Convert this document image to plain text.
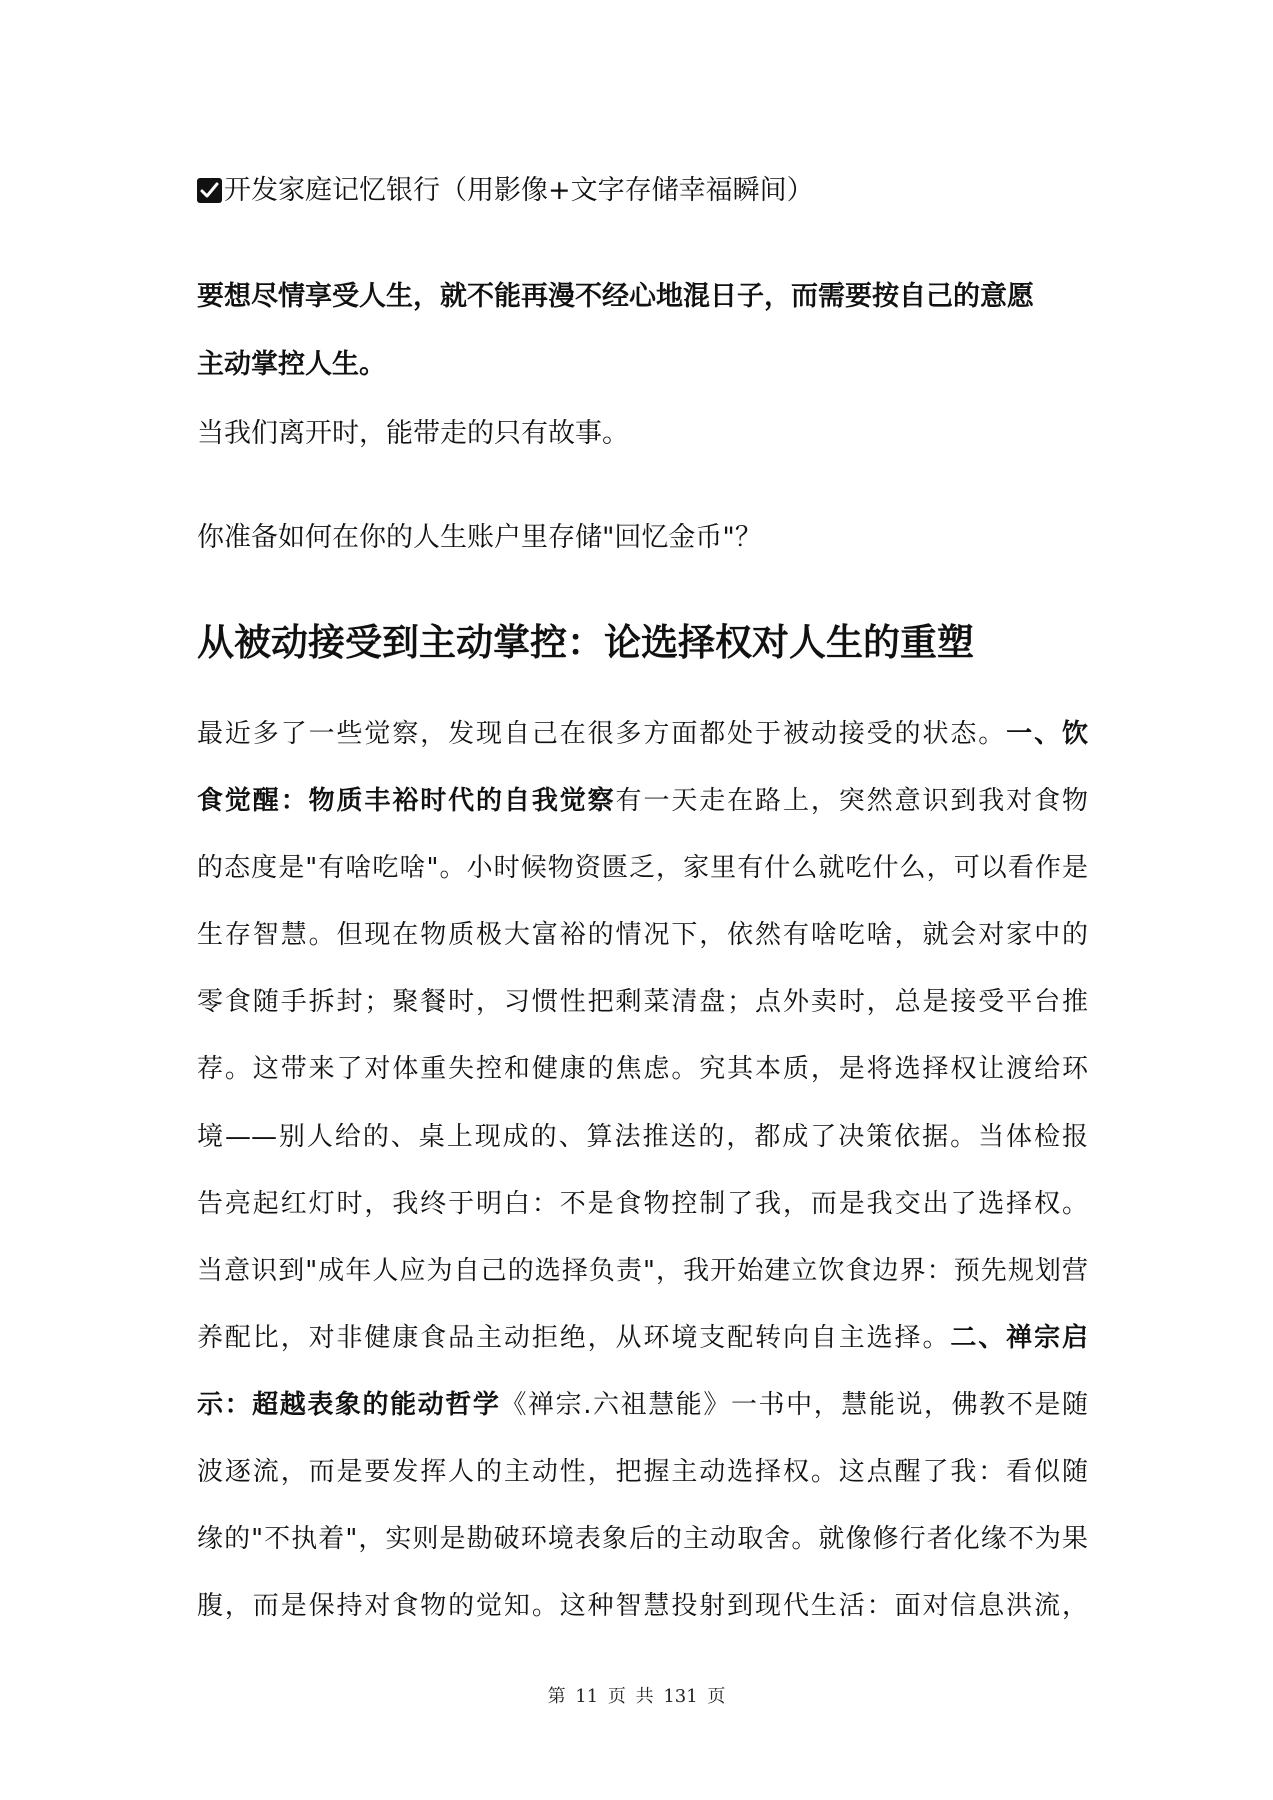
开发家庭记忆银行（用影像+文字存储幸福瞬间）
要想尽情享受人生，就不能再漫不经心地混日子，而需要按自己的意愿
主动掌控人生。

当我们离开时，能带走的只有故事。

你准备如何在你的人生账户里存储"回忆金币"？

从被动接受到主动掌控：论选择权对人生的重塑
最近多了一些觉察，发现自己在很多方面都处于被动接受的状态。一、饮
食觉醒：物质丰裕时代的自我觉察有一天走在路上，突然意识到我对食物
的态度是"有啥吃啥"。小时候物资匮乏，家里有什么就吃什么，可以看作是
生存智慧。但现在物质极大富裕的情况下，依然有啥吃啥，就会对家中的
零食随手拆封；聚餐时，习惯性把剩菜清盘；点外卖时，总是接受平台推
荐。这带来了对体重失控和健康的焦虑。究其本质，是将选择权让渡给环
境——别人给的、桌上现成的、算法推送的，都成了决策依据。当体检报
告亮起红灯时，我终于明白：不是食物控制了我，而是我交出了选择权。
当意识到"成年人应为自己的选择负责"，我开始建立饮食边界：预先规划营
养配比，对非健康食品主动拒绝，从环境支配转向自主选择。二、禅宗启
示：超越表象的能动哲学《禅宗.六祖慧能》一书中，慧能说，佛教不是随
波逐流，而是要发挥人的主动性，把握主动选择权。这点醒了我：看似随
缘的"不执着"，实则是勘破环境表象后的主动取舍。就像修行者化缘不为果
腹，而是保持对食物的觉知。这种智慧投射到现代生活：面对信息洪流，
第 11 页 共 131 页
